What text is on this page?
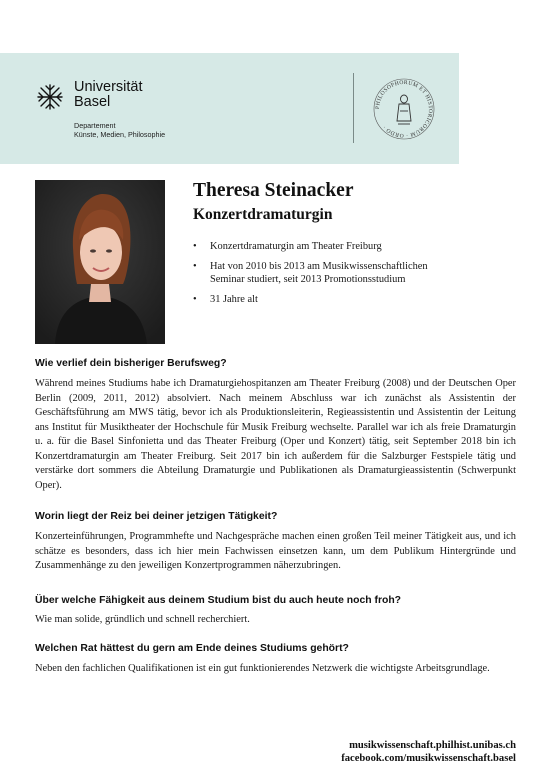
Universität
Basel
Departement
Künste, Medien, Philosophie
PHILOSOPHORUM ET HISTORICORUM · ORDO ·
Theresa Steinacker
Konzertdramaturgin
• Konzertdramaturgin am Theater Freiburg
• Hat von 2010 bis 2013 am Musikwissenschaftlichen Seminar studiert, seit 2013 Promotionsstudium
• 31 Jahre alt
Wie verlief dein bisheriger Berufsweg?
Während meines Studiums habe ich Dramaturgiehospitanzen am Theater Freiburg (2008) und der Deutschen Oper Berlin (2009, 2011, 2012) absolviert. Nach meinem Abschluss war ich zunächst als Assistentin der Geschäftsführung am MWS tätig, bevor ich als Produktionsleiterin, Regieassistentin und Assistentin der Leitung ans Institut für Musiktheater der Hochschule für Musik Freiburg wechselte. Parallel war ich als freie Dramaturgin u. a. für die Basel Sinfonietta und das Theater Freiburg (Oper und Konzert) tätig, seit September 2018 bin ich Konzertdramaturgin am Theater Freiburg. Seit 2017 bin ich außerdem für die Salzburger Festspiele tätig und verstärke dort sommers die Abteilung Dramaturgie und Publikationen als Dramaturgieassistentin (Schwerpunkt Oper).
Worin liegt der Reiz bei deiner jetzigen Tätigkeit?
Konzerteinführungen, Programmhefte und Nachgespräche machen einen großen Teil meiner Tätigkeit aus, und ich schätze es besonders, dass ich hier mein Fachwissen einsetzen kann, um dem Publikum Hintergründe und Zusammenhänge zu den jeweiligen Konzertprogrammen näherzubringen.
Über welche Fähigkeit aus deinem Studium bist du auch heute noch froh?
Wie man solide, gründlich und schnell recherchiert.
Welchen Rat hättest du gern am Ende deines Studiums gehört?
Neben den fachlichen Qualifikationen ist ein gut funktionierendes Netzwerk die wichtigste Arbeitsgrundlage.
musikwissenschaft.philhist.unibas.ch
facebook.com/musikwissenschaft.basel
